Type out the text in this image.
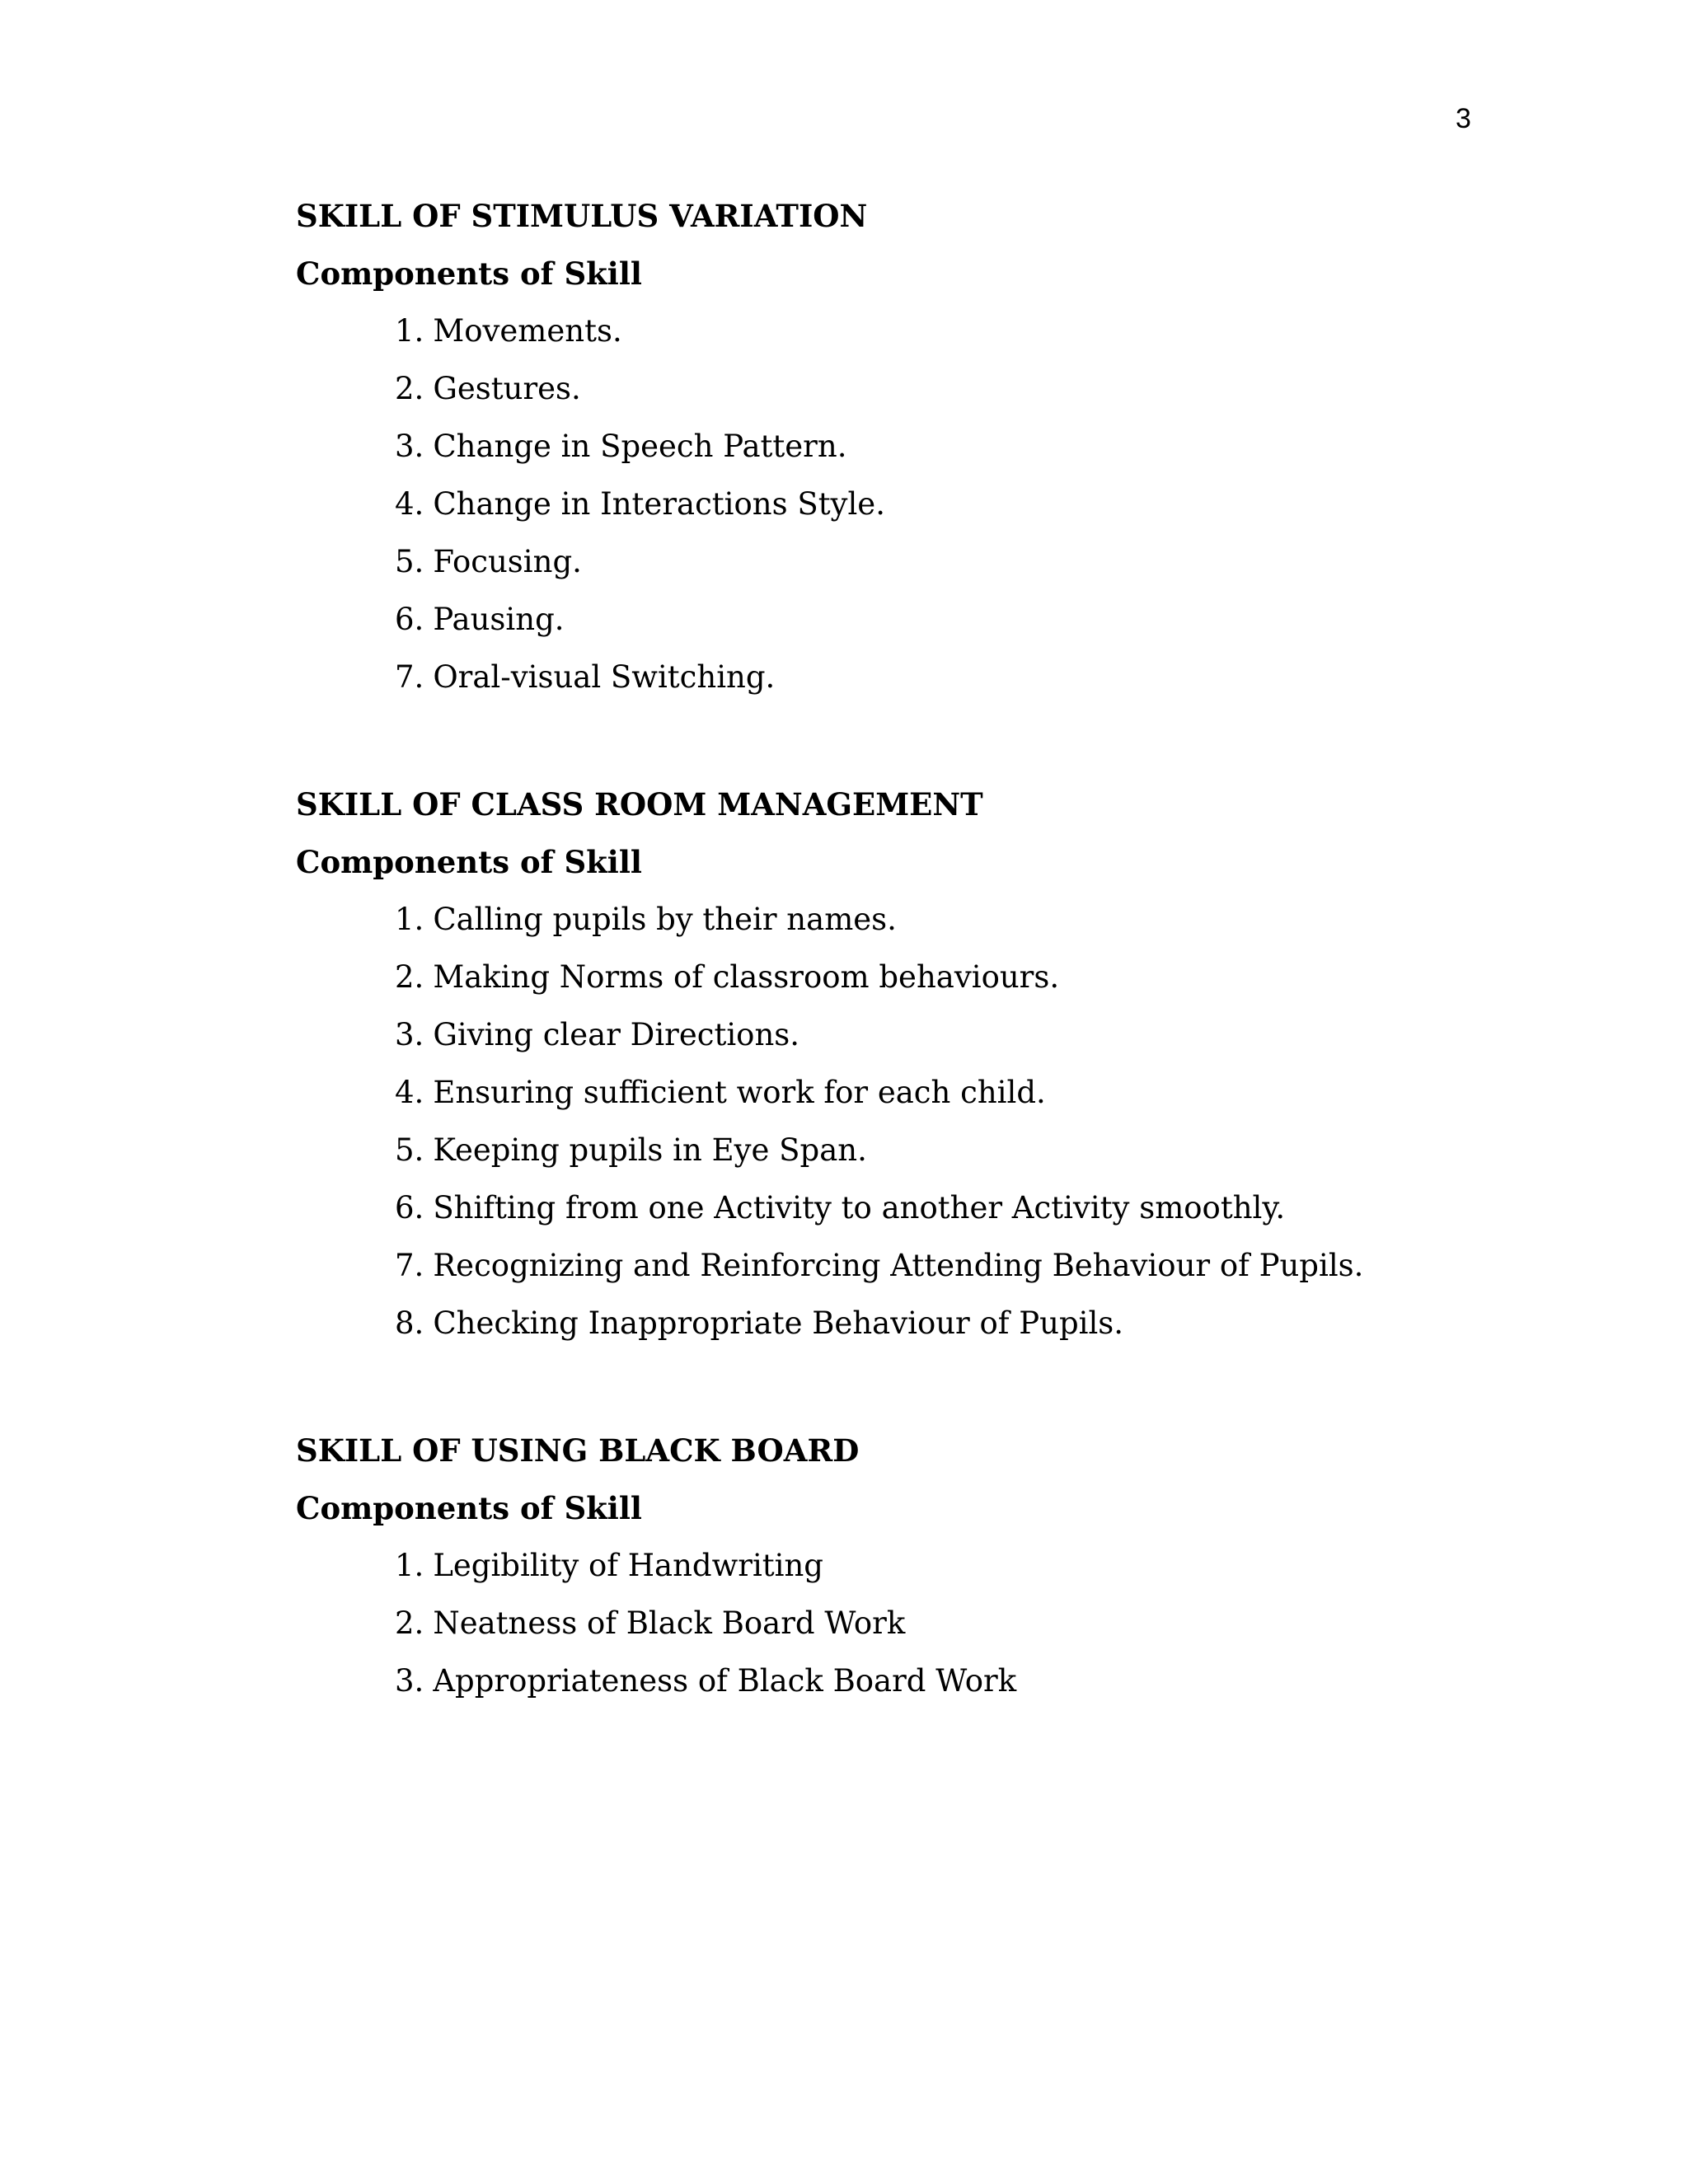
3
SKILL OF STIMULUS VARIATION
Components of Skill
1. Movements.
2. Gestures.
3. Change in Speech Pattern.
4. Change in Interactions Style.
5. Focusing.
6. Pausing.
7. Oral-visual Switching.
SKILL OF CLASS ROOM MANAGEMENT
Components of Skill
1. Calling pupils by their names.
2. Making Norms of classroom behaviours.
3. Giving clear Directions.
4. Ensuring sufficient work for each child.
5. Keeping pupils in Eye Span.
6. Shifting from one Activity to another Activity smoothly.
7. Recognizing and Reinforcing Attending Behaviour of Pupils.
8. Checking Inappropriate Behaviour of Pupils.
SKILL OF USING BLACK BOARD
Components of Skill
1. Legibility of Handwriting
2. Neatness of Black Board Work
3. Appropriateness of Black Board Work
